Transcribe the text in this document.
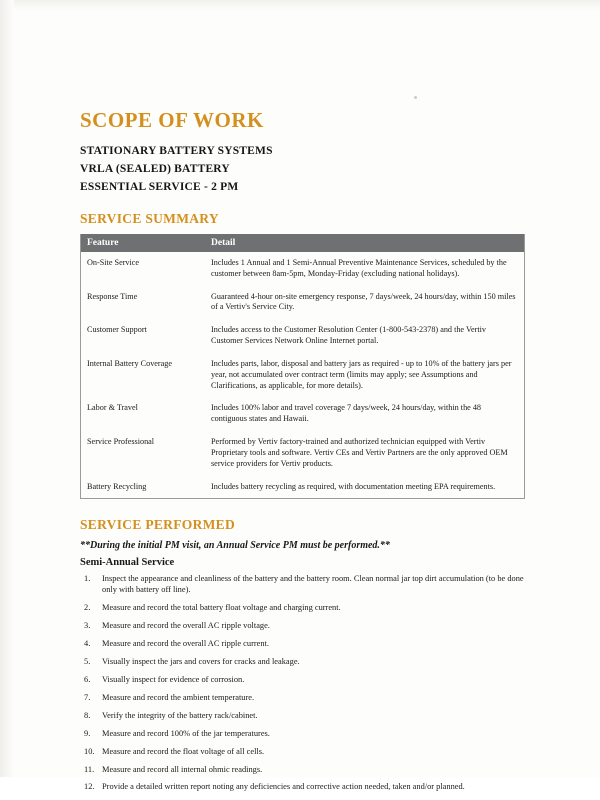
SCOPE OF WORK
STATIONARY BATTERY SYSTEMS
VRLA (SEALED) BATTERY
ESSENTIAL SERVICE - 2 PM
SERVICE SUMMARY
Feature	Detail
On-Site Service	Includes 1 Annual and 1 Semi-Annual Preventive Maintenance Services, scheduled by the customer between 8am-5pm, Monday-Friday (excluding national holidays).
Response Time	Guaranteed 4-hour on-site emergency response, 7 days/week, 24 hours/day, within 150 miles of a Vertiv's Service City.
Customer Support	Includes access to the Customer Resolution Center (1-800-543-2378) and the Vertiv Customer Services Network Online Internet portal.
Internal Battery Coverage	Includes parts, labor, disposal and battery jars as required - up to 10% of the battery jars per year, not accumulated over contract term (limits may apply; see Assumptions and Clarifications, as applicable, for more details).
Labor & Travel	Includes 100% labor and travel coverage 7 days/week, 24 hours/day, within the 48 contiguous states and Hawaii.
Service Professional	Performed by Vertiv factory-trained and authorized technician equipped with Vertiv Proprietary tools and software. Vertiv CEs and Vertiv Partners are the only approved OEM service providers for Vertiv products.
Battery Recycling	Includes battery recycling as required, with documentation meeting EPA requirements.
SERVICE PERFORMED
**During the initial PM visit, an Annual Service PM must be performed.**
Semi-Annual Service
1.	Inspect the appearance and cleanliness of the battery and the battery room. Clean normal jar top dirt accumulation (to be done only with battery off line).
2.	Measure and record the total battery float voltage and charging current.
3.	Measure and record the overall AC ripple voltage.
4.	Measure and record the overall AC ripple current.
5.	Visually inspect the jars and covers for cracks and leakage.
6.	Visually inspect for evidence of corrosion.
7.	Measure and record the ambient temperature.
8.	Verify the integrity of the battery rack/cabinet.
9.	Measure and record 100% of the jar temperatures.
10. Measure and record the float voltage of all cells.
11. Measure and record all internal ohmic readings.
12. Provide a detailed written report noting any deficiencies and corrective action needed, taken and/or planned.
